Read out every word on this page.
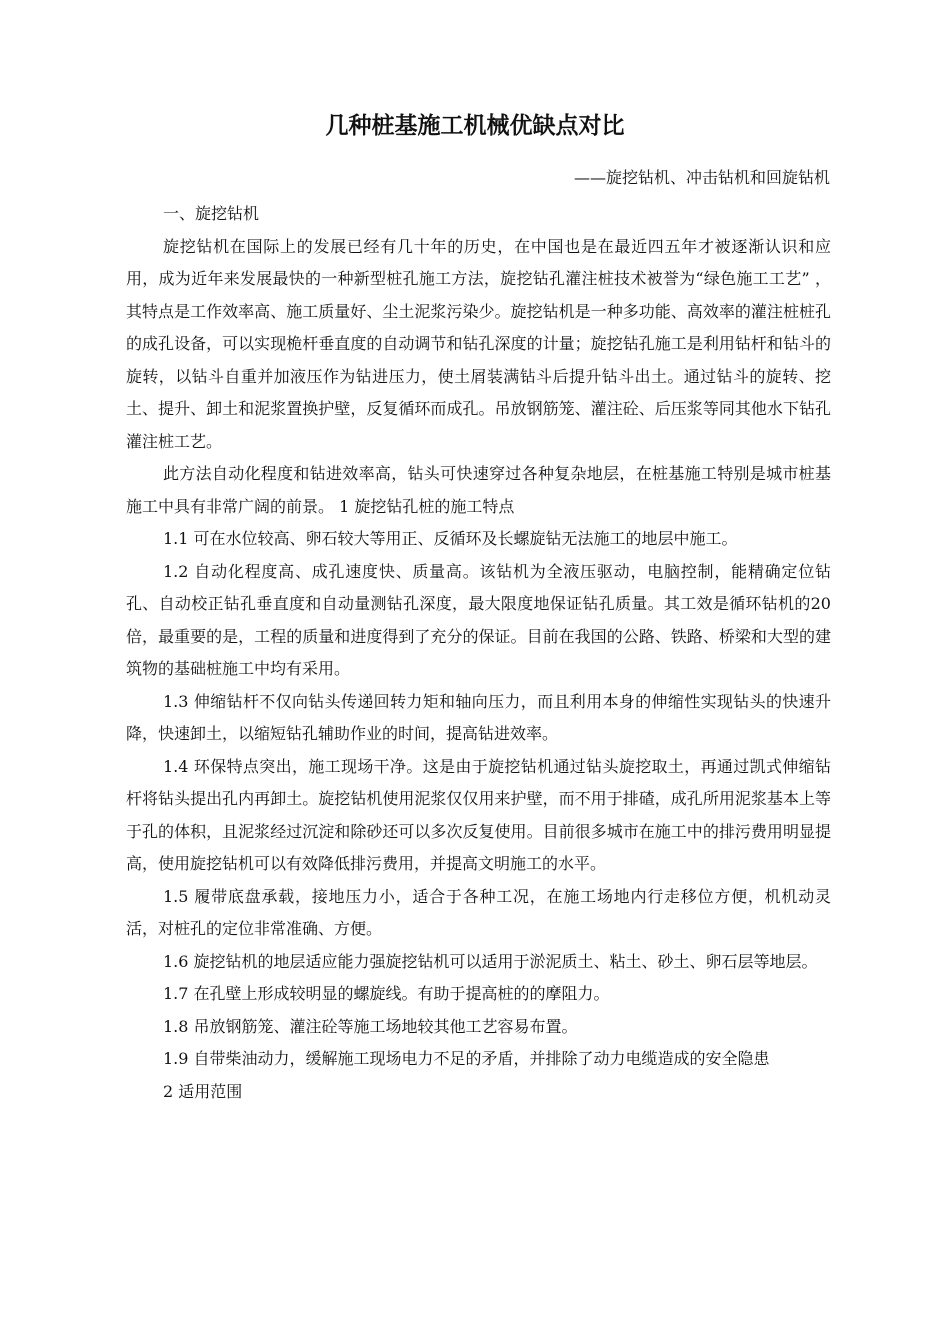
几种桩基施工机械优缺点对比
——旋挖钻机、冲击钻机和回旋钻机

一、旋挖钻机

旋挖钻机在国际上的发展已经有几十年的历史，在中国也是在最近四五年才被逐渐认识和应用，成为近年来发展最快的一种新型桩孔施工方法，旋挖钻孔灌注桩技术被誉为“绿色施工工艺” ，其特点是工作效率高、施工质量好、尘土泥浆污染少。旋挖钻机是一种多功能、高效率的灌注桩桩孔的成孔设备，可以实现桅杆垂直度的自动调节和钻孔深度的计量；旋挖钻孔施工是利用钻杆和钻斗的旋转，以钻斗自重并加液压作为钻进压力，使土屑装满钻斗后提升钻斗出土。通过钻斗的旋转、挖土、提升、卸土和泥浆置换护壁，反复循环而成孔。吊放钢筋笼、灌注砼、后压浆等同其他水下钻孔灌注桩工艺。

此方法自动化程度和钻进效率高，钻头可快速穿过各种复杂地层，在桩基施工特别是城市桩基施工中具有非常广阔的前景。 1 旋挖钻孔桩的施工特点

1.1 可在水位较高、卵石较大等用正、反循环及长螺旋钻无法施工的地层中施工。

1.2 自动化程度高、成孔速度快、质量高。该钻机为全液压驱动，电脑控制，能精确定位钻孔、自动校正钻孔垂直度和自动量测钻孔深度，最大限度地保证钻孔质量。其工效是循环钻机的20倍，最重要的是，工程的质量和进度得到了充分的保证。目前在我国的公路、铁路、桥梁和大型的建筑物的基础桩施工中均有采用。

1.3 伸缩钻杆不仅向钻头传递回转力矩和轴向压力，而且利用本身的伸缩性实现钻头的快速升降，快速卸土，以缩短钻孔辅助作业的时间，提高钻进效率。

1.4 环保特点突出，施工现场干净。这是由于旋挖钻机通过钻头旋挖取土，再通过凯式伸缩钻杆将钻头提出孔内再卸土。旋挖钻机使用泥浆仅仅用来护壁，而不用于排碴，成孔所用泥浆基本上等于孔的体积，且泥浆经过沉淀和除砂还可以多次反复使用。目前很多城市在施工中的排污费用明显提高，使用旋挖钻机可以有效降低排污费用，并提高文明施工的水平。

1.5 履带底盘承载，接地压力小，适合于各种工况，在施工场地内行走移位方便，机机动灵活，对桩孔的定位非常准确、方便。

1.6 旋挖钻机的地层适应能力强旋挖钻机可以适用于淤泥质土、粘土、砂土、卵石层等地层。

1.7 在孔壁上形成较明显的螺旋线。有助于提高桩的的摩阻力。

1.8 吊放钢筋笼、灌注砼等施工场地较其他工艺容易布置。

1.9 自带柴油动力，缓解施工现场电力不足的矛盾，并排除了动力电缆造成的安全隐患

2 适用范围
